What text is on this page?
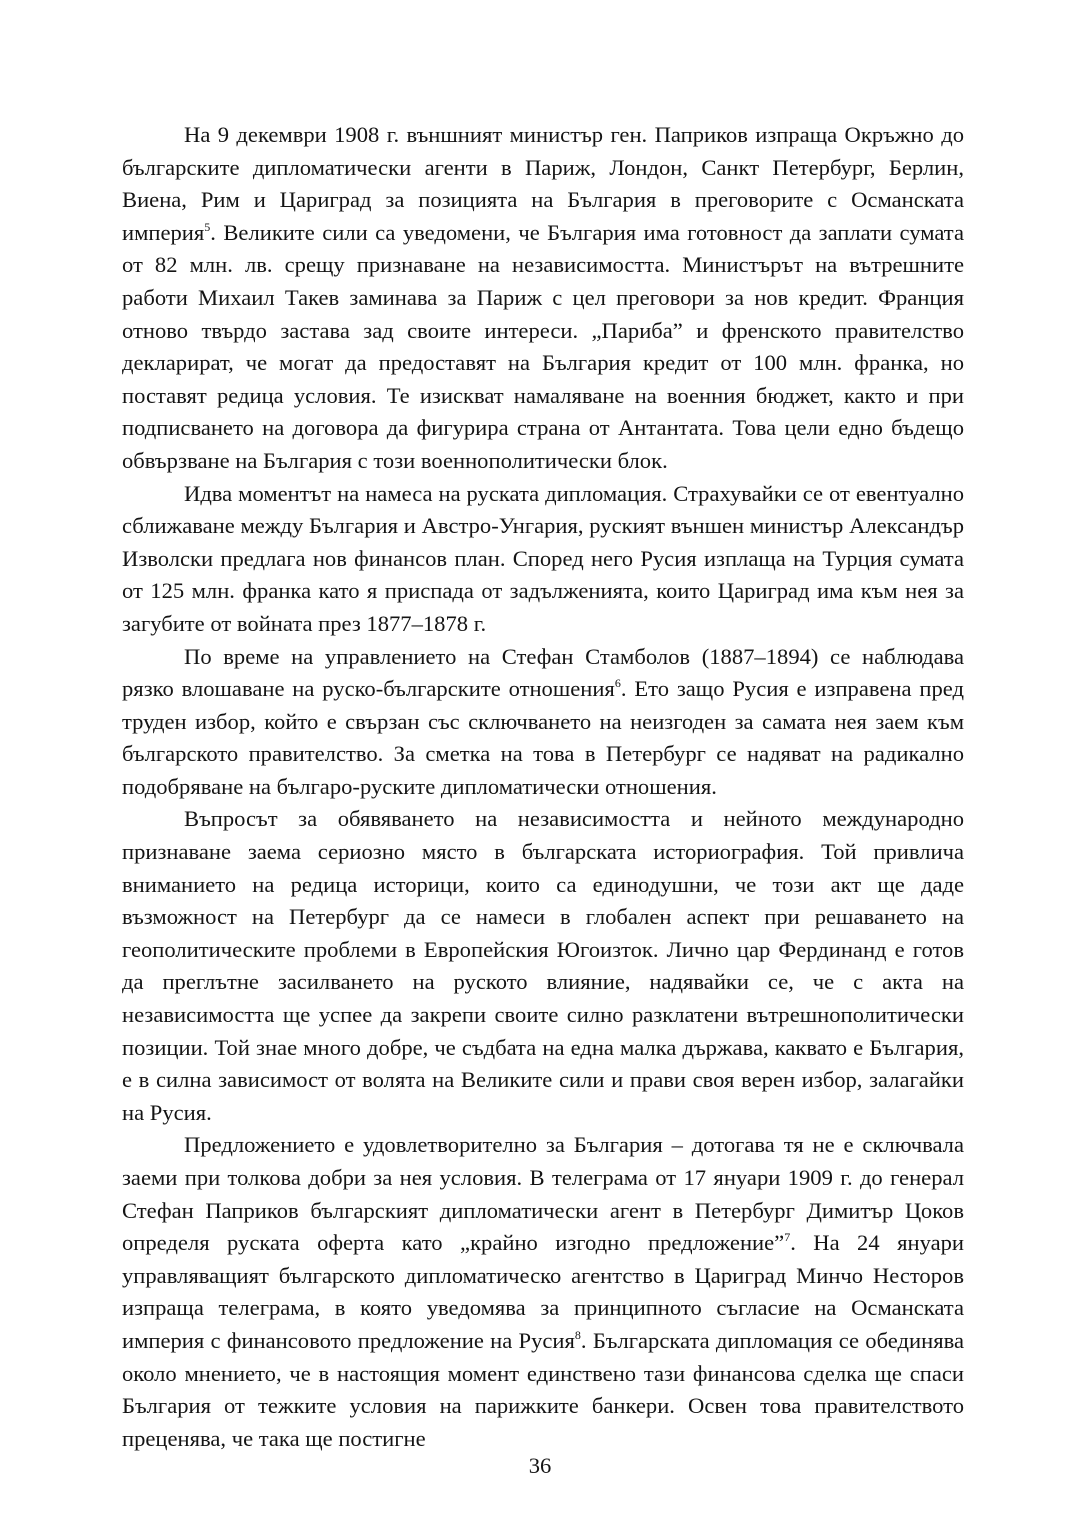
На 9 декември 1908 г. външният министър ген. Паприков изпраща Окръжно до българските дипломатически агенти в Париж, Лондон, Санкт Петербург, Берлин, Виена, Рим и Цариград за позицията на България в преговорите с Османската империя$^5$. Великите сили са уведомени, че България има готовност да заплати сумата от 82 млн. лв. срещу признаване на независимостта. Министърът на вътрешните работи Михаил Такев заминава за Париж с цел преговори за нов кредит. Франция отново твърдо застава зад своите интереси. „Париба” и френското правителство декларират, че могат да предоставят на България кредит от 100 млн. франка, но поставят редица условия. Те изискват намаляване на военния бюджет, както и при подписването на договора да фигурира страна от Антантата. Това цели едно бъдещо обвързване на България с този военнополитически блок.

Идва моментът на намеса на руската дипломация. Страхувайки се от евентуално сближаване между България и Австро-Унгария, руският външен министър Александър Изволски предлага нов финансов план. Според него Русия изплаща на Турция сумата от 125 млн. франка като я приспада от задълженията, които Цариград има към нея за загубите от войната през 1877–1878 г.

По време на управлението на Стефан Стамболов (1887–1894) се наблюдава рязко влошаване на руско-българските отношения$^6$. Ето защо Русия е изправена пред труден избор, който е свързан със сключването на неизгоден за самата нея заем към българското правителство. За сметка на това в Петербург се надяват на радикално подобряване на българо-руските дипломатически отношения.

Въпросът за обявяването на независимостта и нейното международно признаване заема сериозно място в българската историография. Той привлича вниманието на редица историци, които са единодушни, че този акт ще даде възможност на Петербург да се намеси в глобален аспект при решаването на геополитическите проблеми в Европейския Югоизток. Лично цар Фердинанд е готов да преглътне засилването на руското влияние, надявайки се, че с акта на независимостта ще успее да закрепи своите силно разклатени вътрешнополитически позиции. Той знае много добре, че съдбата на една малка държава, каквато е България, е в силна зависимост от волята на Великите сили и прави своя верен избор, залагайки на Русия.

Предложението е удовлетворително за България – дотогава тя не е сключвала заеми при толкова добри за нея условия. В телеграма от 17 януари 1909 г. до генерал Стефан Паприков българският дипломатически агент в Петербург Димитър Цоков определя руската оферта като „крайно изгодно предложение”$^7$. На 24 януари управляващият българското дипломатическо агентство в Цариград Минчо Несторов изпраща телеграма, в която уведомява за принципното съгласие на Османската империя с финансовото предложение на Русия$^8$. Българската дипломация се обединява около мнението, че в настоящия момент единствено тази финансова сделка ще спаси България от тежките условия на парижките банкери. Освен това правителството преценява, че така ще постигне

36
